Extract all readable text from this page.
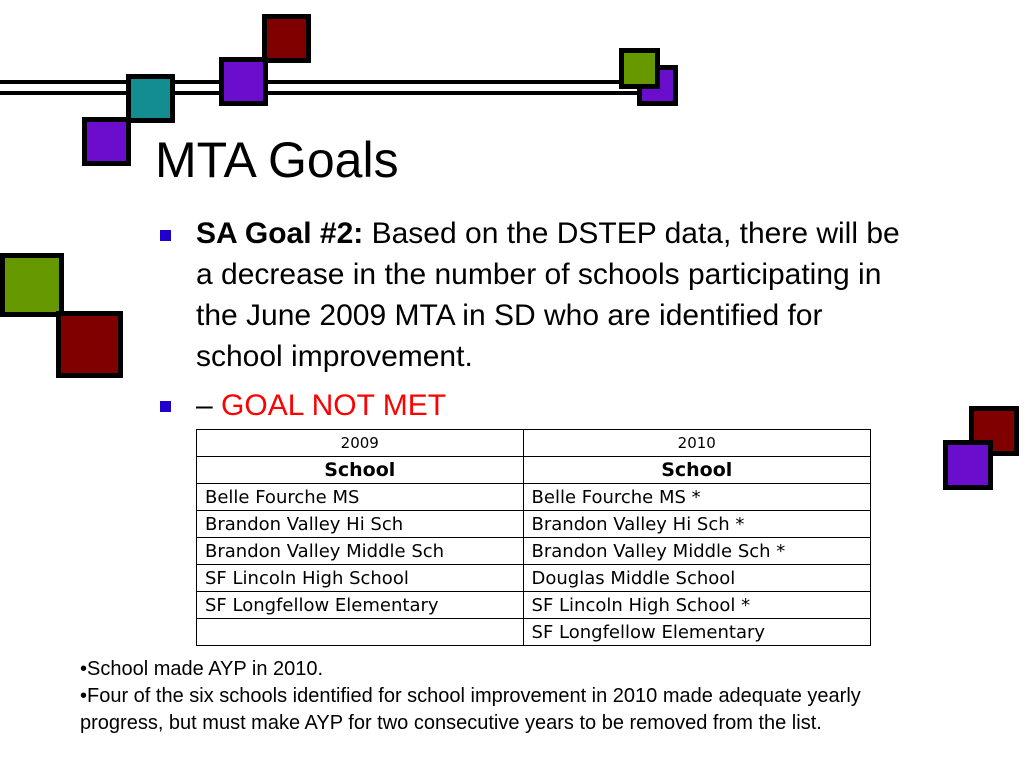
MTA Goals
SA Goal #2: Based on the DSTEP data, there will be a decrease in the number of schools participating in the June 2009 MTA in SD who are identified for school improvement.
– GOAL NOT MET
2009	2010
School	School
Belle Fourche MS	Belle Fourche MS *
Brandon Valley Hi Sch	Brandon Valley Hi Sch *
Brandon Valley Middle Sch	Brandon Valley Middle Sch *
SF Lincoln High School	Douglas Middle School
SF Longfellow Elementary	SF Lincoln High School *
	SF Longfellow Elementary

•School made AYP in 2010.

•Four of the six schools identified for school improvement in 2010 made adequate yearly progress, but must make AYP for two consecutive years to be removed from the list.
